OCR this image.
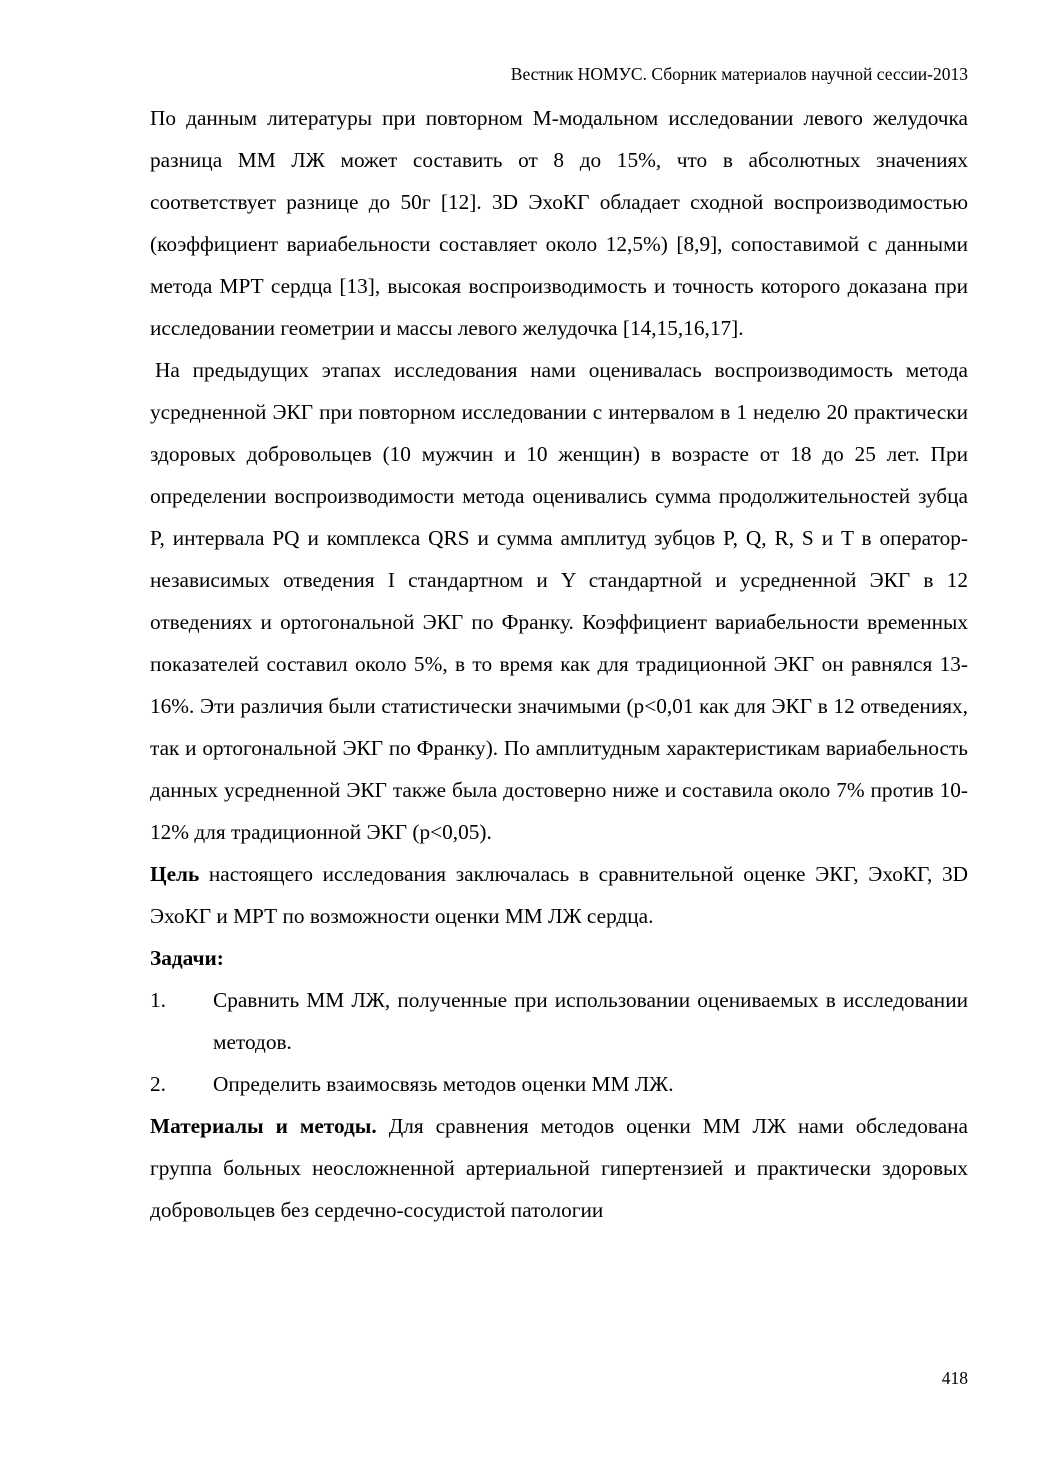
Вестник НОМУС. Сборник материалов научной сессии-2013

По данным литературы при повторном М-модальном исследовании левого желудочка разница ММ ЛЖ может составить от 8 до 15%, что в абсолютных значениях соответствует разнице до 50г [12]. 3D ЭхоКГ обладает сходной воспроизводимостью (коэффициент вариабельности составляет около 12,5%) [8,9], сопоставимой с данными метода МРТ сердца [13], высокая воспроизводимость и точность которого доказана при исследовании геометрии и массы левого желудочка [14,15,16,17].

На предыдущих этапах исследования нами оценивалась воспроизводимость метода усредненной ЭКГ при повторном исследовании с интервалом в 1 неделю 20 практически здоровых добровольцев (10 мужчин и 10 женщин) в возрасте от 18 до 25 лет. При определении воспроизводимости метода оценивались сумма продолжительностей зубца P, интервала PQ и комплекса QRS и сумма амплитуд зубцов P, Q, R, S и T в оператор-независимых отведения I стандартном и Y стандартной и усредненной ЭКГ в 12 отведениях и ортогональной ЭКГ по Франку. Коэффициент вариабельности временных показателей составил около 5%, в то время как для традиционной ЭКГ он равнялся 13-16%. Эти различия были статистически значимыми (p<0,01 как для ЭКГ в 12 отведениях, так и ортогональной ЭКГ по Франку). По амплитудным характеристикам вариабельность данных усредненной ЭКГ также была достоверно ниже и составила около 7% против 10-12% для традиционной ЭКГ (p<0,05).

Цель настоящего исследования заключалась в сравнительной оценке ЭКГ, ЭхоКГ, 3D ЭхоКГ и МРТ по возможности оценки ММ ЛЖ сердца.

Задачи:

1.	Сравнить ММ ЛЖ, полученные при использовании оцениваемых в исследовании методов.
2.	Определить взаимосвязь методов оценки ММ ЛЖ.

Материалы и методы. Для сравнения методов оценки ММ ЛЖ нами обследована группа больных неосложненной артериальной гипертензией и практически здоровых добровольцев без сердечно-сосудистой патологии

418
